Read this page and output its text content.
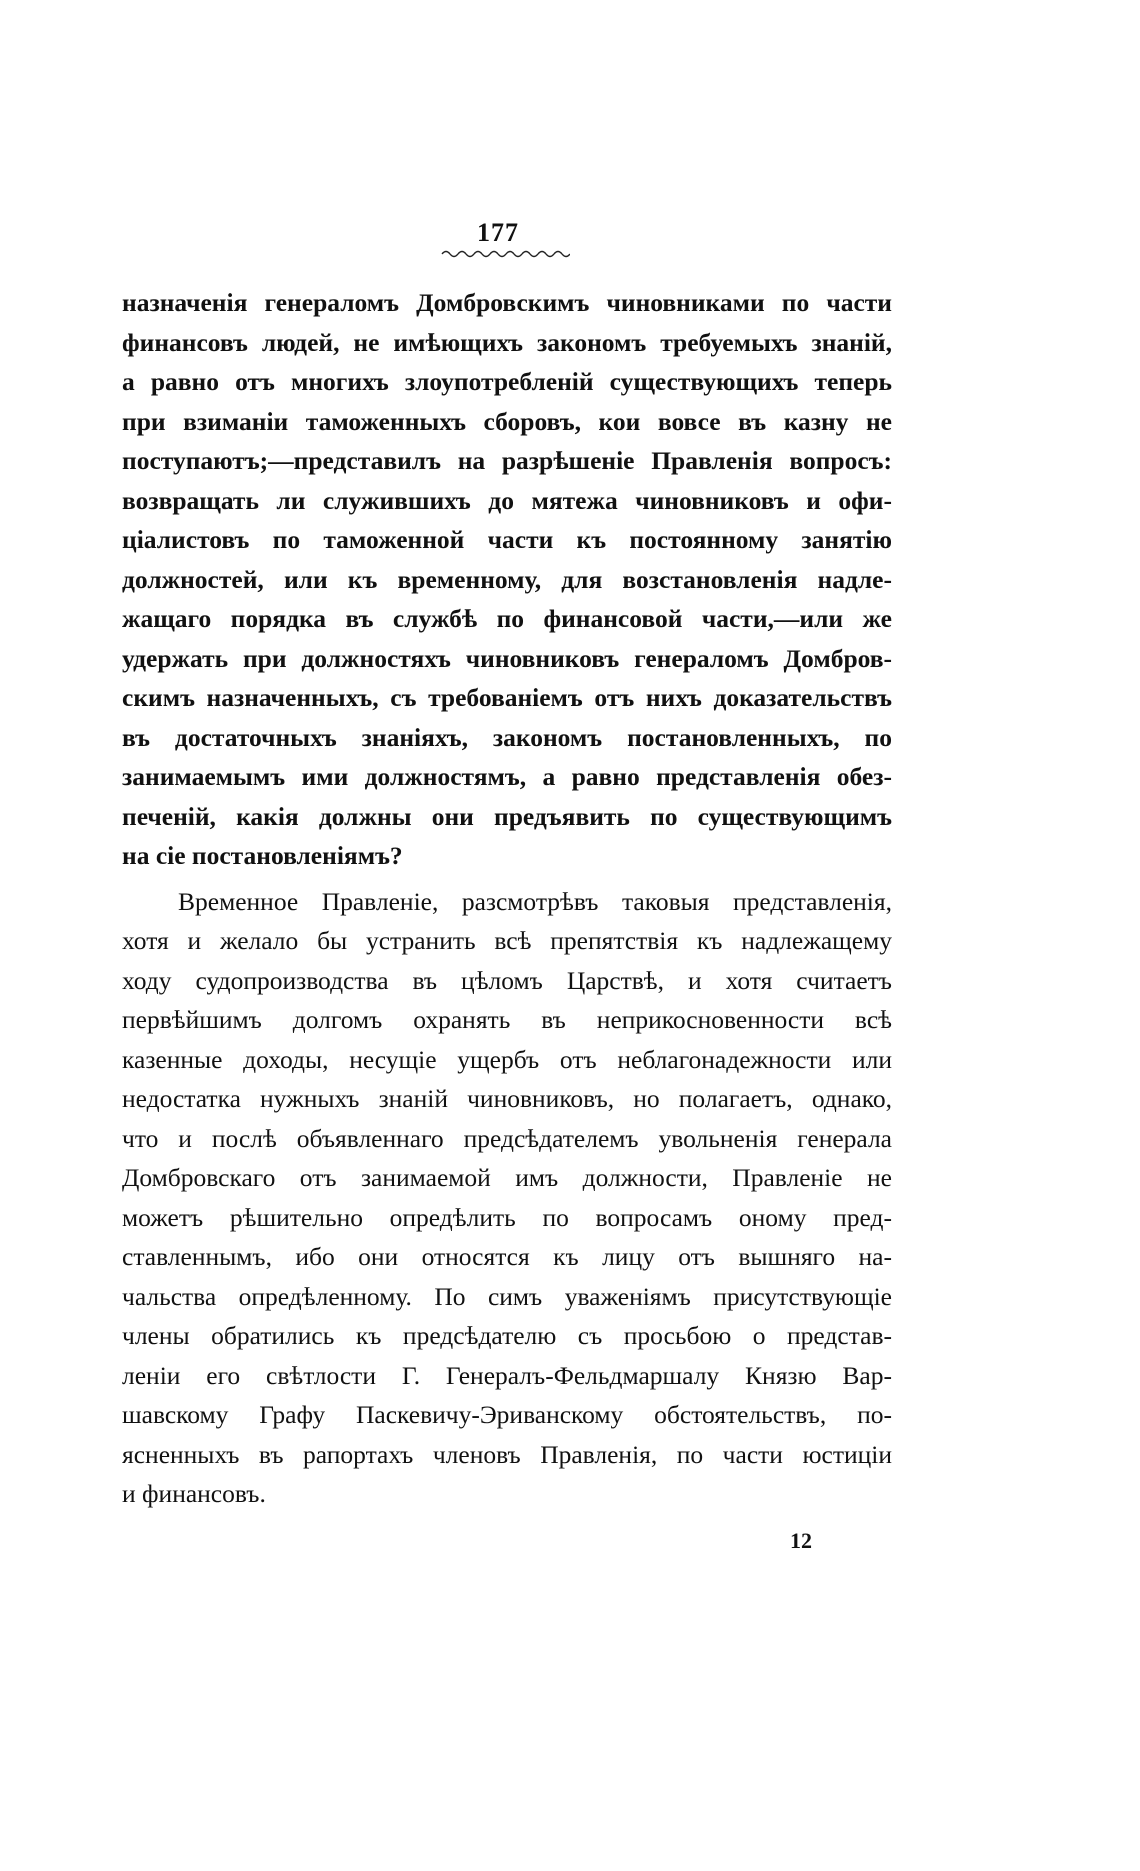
177
назначенія генераломъ Домбровскимъ чиновниками по части
финансовъ людей, не имѣющихъ закономъ требуемыхъ знаній,
а равно отъ многихъ злоупотребленій существующихъ теперь
при взиманіи таможенныхъ сборовъ, кои вовсе въ казну не
поступаютъ;—представилъ на разрѣшеніе Правленія вопросъ:
возвращать ли служившихъ до мятежа чиновниковъ и офи-
ціалистовъ по таможенной части къ постоянному занятію
должностей, или къ временному, для возстановленія надле-
жащаго порядка въ службѣ по финансовой части,—или же
удержать при должностяхъ чиновниковъ генераломъ Домбров-
скимъ назначенныхъ, съ требованіемъ отъ нихъ доказательствъ
въ достаточныхъ знаніяхъ, закономъ постановленныхъ, по
занимаемымъ ими должностямъ, а равно представленія обез-
печеній, какія должны они предъявить по существующимъ
на сіе постановленіямъ?
Временное Правленіе, разсмотрѣвъ таковыя представленія,
хотя и желало бы устранить всѣ препятствія къ надлежащему
ходу судопроизводства въ цѣломъ Царствѣ, и хотя считаетъ
первѣйшимъ долгомъ охранять въ неприкосновенности всѣ
казенные доходы, несущіе ущербъ отъ неблагонадежности или
недостатка нужныхъ знаній чиновниковъ, но полагаетъ, однако,
что и послѣ объявленнаго предсѣдателемъ увольненія генерала
Домбровскаго отъ занимаемой имъ должности, Правленіе не
можетъ рѣшительно опредѣлить по вопросамъ оному пред-
ставленнымъ, ибо они относятся къ лицу отъ вышняго на-
чальства опредѣленному. По симъ уваженіямъ присутствующіе
члены обратились къ предсѣдателю съ просьбою о представ-
леніи его свѣтлости Г. Генералъ-Фельдмаршалу Князю Вар-
шавскому Графу Паскевичу-Эриванскому обстоятельствъ, по-
ясненныхъ въ рапортахъ членовъ Правленія, по части юстиціи
и финансовъ.
12
